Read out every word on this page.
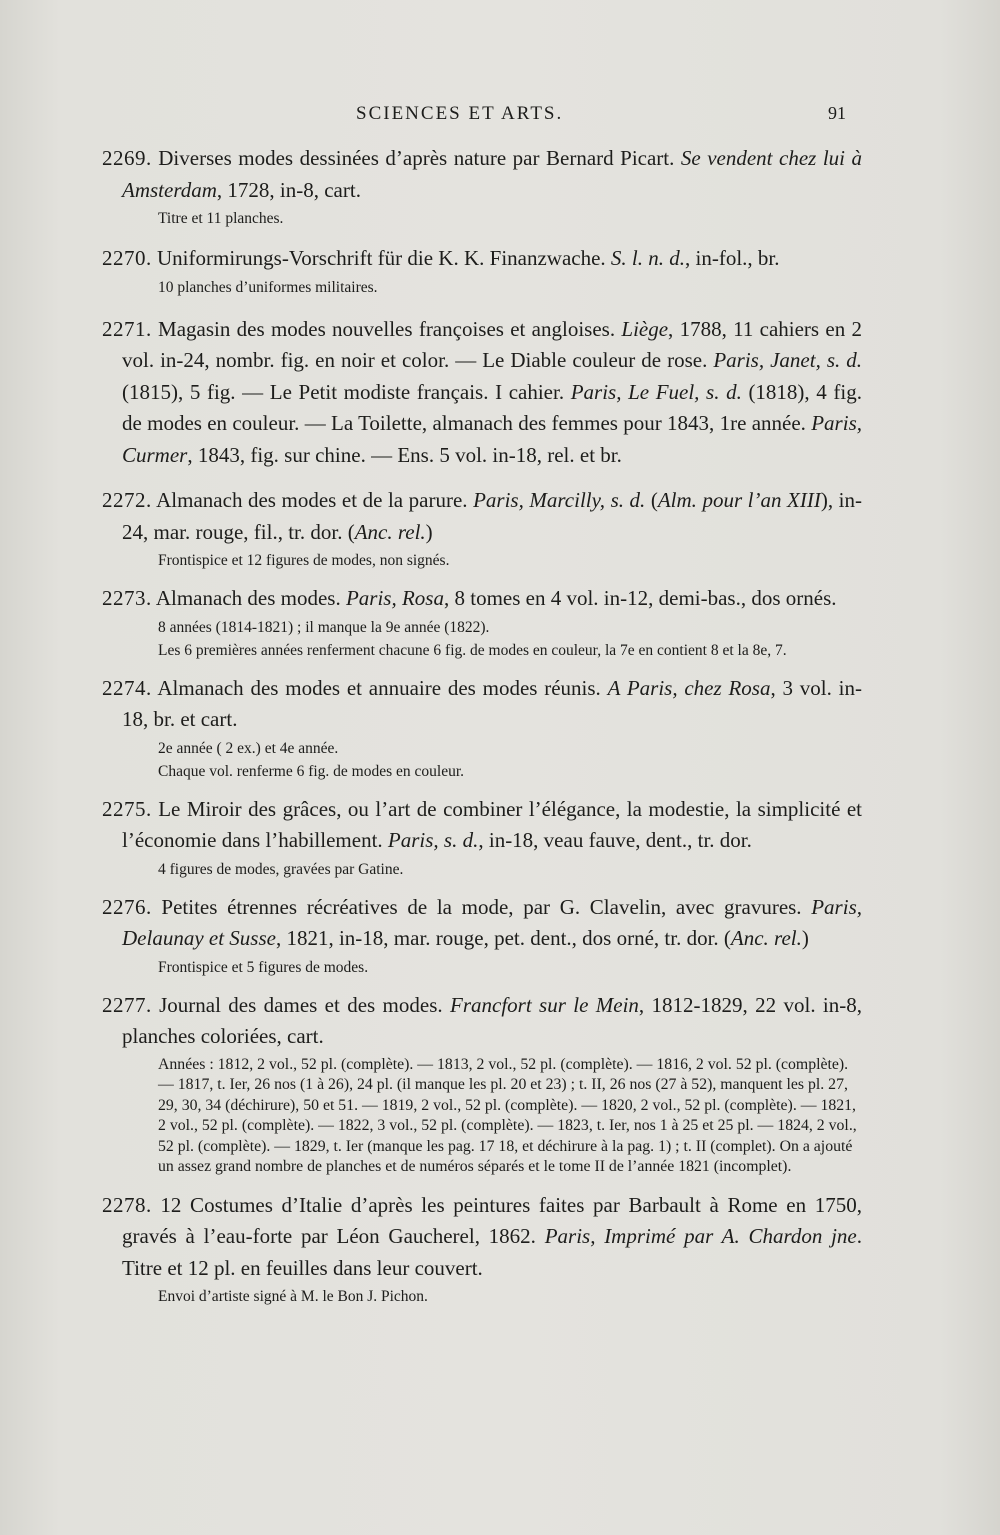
SCIENCES ET ARTS.	91
2269. Diverses modes dessinées d’après nature par Bernard Picart. Se vendent chez lui à Amsterdam, 1728, in-8, cart.
Titre et 11 planches.
2270. Uniformirungs-Vorschrift für die K. K. Finanzwache. S. l. n. d., in-fol., br.
10 planches d’uniformes militaires.
2271. Magasin des modes nouvelles françoises et angloises. Liège, 1788, 11 cahiers en 2 vol. in-24, nombr. fig. en noir et color. — Le Diable couleur de rose. Paris, Janet, s. d. (1815), 5 fig. — Le Petit modiste français. I cahier. Paris, Le Fuel, s. d. (1818), 4 fig. de modes en couleur. — La Toilette, almanach des femmes pour 1843, 1re année. Paris, Curmer, 1843, fig. sur chine. — Ens. 5 vol. in-18, rel. et br.
2272. Almanach des modes et de la parure. Paris, Marcilly, s. d. (Alm. pour l’an XIII), in-24, mar. rouge, fil., tr. dor. (Anc. rel.)
Frontispice et 12 figures de modes, non signés.
2273. Almanach des modes. Paris, Rosa, 8 tomes en 4 vol. in-12, demi-bas., dos ornés.
8 années (1814-1821) ; il manque la 9e année (1822).
Les 6 premières années renferment chacune 6 fig. de modes en couleur, la 7e en contient 8 et la 8e, 7.
2274. Almanach des modes et annuaire des modes réunis. A Paris, chez Rosa, 3 vol. in-18, br. et cart.
2e année ( 2 ex.) et 4e année.
Chaque vol. renferme 6 fig. de modes en couleur.
2275. Le Miroir des grâces, ou l’art de combiner l’élégance, la modestie, la simplicité et l’économie dans l’habillement. Paris, s. d., in-18, veau fauve, dent., tr. dor.
4 figures de modes, gravées par Gatine.
2276. Petites étrennes récréatives de la mode, par G. Clavelin, avec gravures. Paris, Delaunay et Susse, 1821, in-18, mar. rouge, pet. dent., dos orné, tr. dor. (Anc. rel.)
Frontispice et 5 figures de modes.
2277. Journal des dames et des modes. Francfort sur le Mein, 1812-1829, 22 vol. in-8, planches coloriées, cart.
Années : 1812, 2 vol., 52 pl. (complète). — 1813, 2 vol., 52 pl. (complète). — 1816, 2 vol. 52 pl. (complète). — 1817, t. Ier, 26 nos (1 à 26), 24 pl. (il manque les pl. 20 et 23) ; t. II, 26 nos (27 à 52), manquent les pl. 27, 29, 30, 34 (déchirure), 50 et 51. — 1819, 2 vol., 52 pl. (complète). — 1820, 2 vol., 52 pl. (complète). — 1821, 2 vol., 52 pl. (complète). — 1822, 3 vol., 52 pl. (complète). — 1823, t. Ier, nos 1 à 25 et 25 pl. — 1824, 2 vol., 52 pl. (complète). — 1829, t. Ier (manque les pag. 17 18, et déchirure à la pag. 1) ; t. II (complet). On a ajouté un assez grand nombre de planches et de numéros séparés et le tome II de l’année 1821 (incomplet).
2278. 12 Costumes d’Italie d’après les peintures faites par Barbault à Rome en 1750, gravés à l’eau-forte par Léon Gaucherel, 1862. Paris, Imprimé par A. Chardon jne. Titre et 12 pl. en feuilles dans leur couvert.
Envoi d’artiste signé à M. le Bon J. Pichon.
